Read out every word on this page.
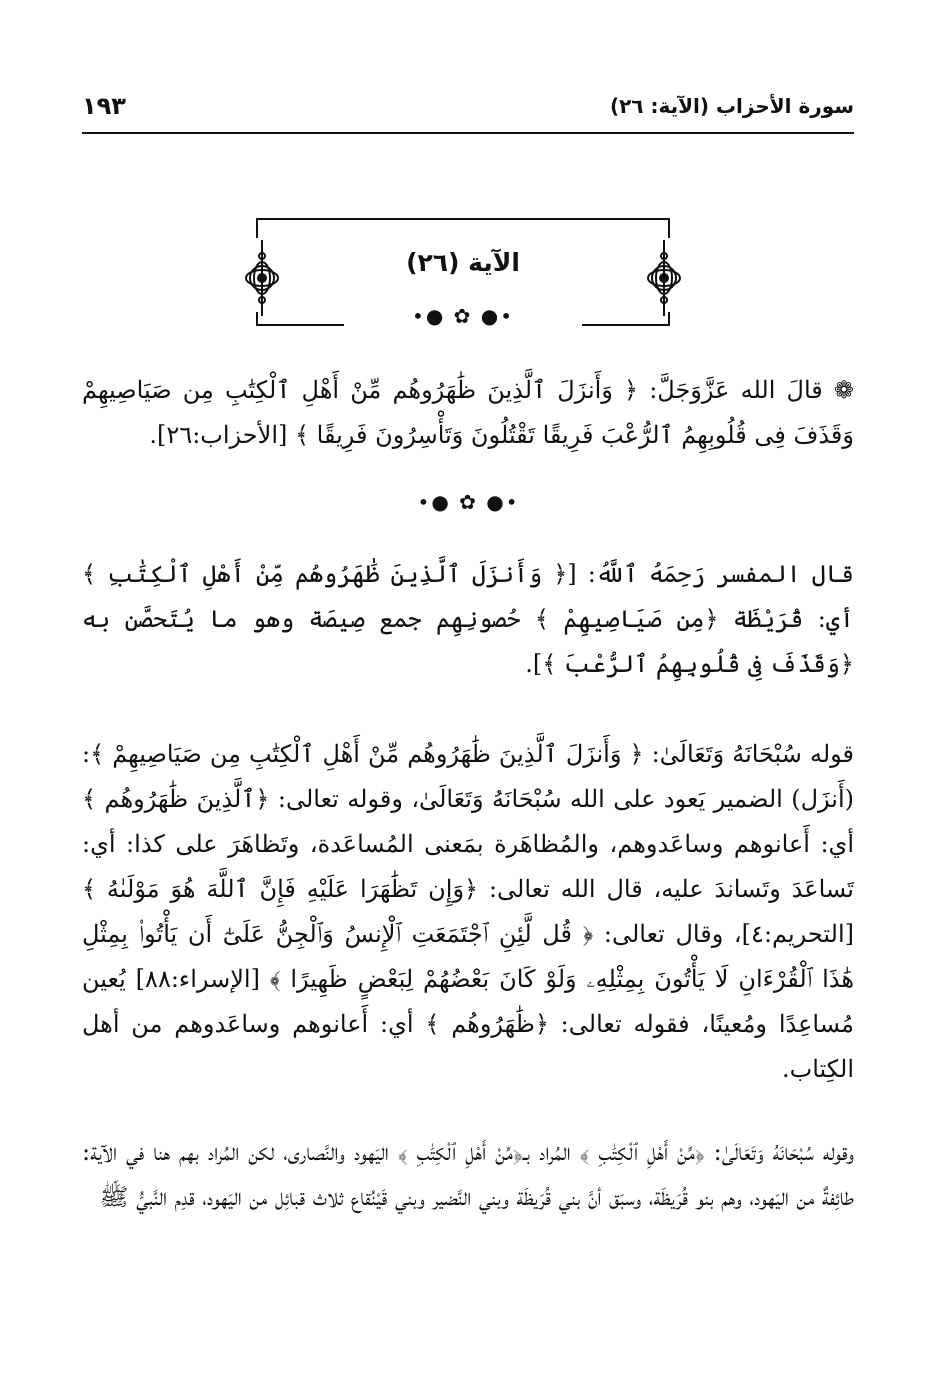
سورة الأحزاب (الآية: ٢٦)
١٩٣
الآية (٢٦)
•● ✿ ●•
❁ قالَ الله عَزَّوَجَلَّ: ﴿ وَأَنزَلَ ٱلَّذِينَ ظَٰهَرُوهُم مِّنْ أَهْلِ ٱلْكِتَٰبِ مِن صَيَاصِيهِمْ وَقَذَفَ فِى قُلُوبِهِمُ ٱلرُّعْبَ فَرِيقًا تَقْتُلُونَ وَتَأْسِرُونَ فَرِيقًا ﴾ [الأحزاب:٢٦].
•● ✿ ●•
قال المفسر رَحِمَهُ ٱللَّهُ: [﴿ وَأَنزَلَ ٱلَّذِينَ ظَٰهَرُوهُم مِّنْ أَهْلِ ٱلْكِتَٰبِ ﴾ أي: قُرَيْظَة ﴿مِن صَيَاصِيهِمْ ﴾ حُصونِهِم جمع صِيصَة وهو ما يُتَحصَّن به ﴿وَقَذَفَ فِى قُلُوبِهِمُ ٱلرُّعْبَ ﴾].
قوله سُبْحَانَهُ وَتَعَالَىٰ: ﴿ وَأَنزَلَ ٱلَّذِينَ ظَٰهَرُوهُم مِّنْ أَهْلِ ٱلْكِتَٰبِ مِن صَيَاصِيهِمْ ﴾: (أَنزَل) الضمير يَعود على الله سُبْحَانَهُ وَتَعَالَىٰ، وقوله تعالى: ﴿ٱلَّذِينَ ظَٰهَرُوهُم ﴾ أي: أَعانوهم وساعَدوهم، والمُظاهَرة بمَعنى المُساعَدة، وتَظاهَرَ على كذا: أي: تَساعَدَ وتَساندَ عليه، قال الله تعالى: ﴿وَإِن تَظَٰهَرَا عَلَيْهِ فَإِنَّ ٱللَّهَ هُوَ مَوْلَىٰهُ ﴾ [التحريم:٤]، وقال تعالى: ﴿ قُل لَّئِنِ ٱجْتَمَعَتِ ٱلْإِنسُ وَٱلْجِنُّ عَلَىٰٓ أَن يَأْتُوا۟ بِمِثْلِ هَٰذَا ٱلْقُرْءَانِ لَا يَأْتُونَ بِمِثْلِهِۦ وَلَوْ كَانَ بَعْضُهُمْ لِبَعْضٍ ظَهِيرًا ﴾ [الإسراء:٨٨] يُعين مُساعِدًا ومُعينًا، فقوله تعالى: ﴿ظَٰهَرُوهُم ﴾ أي: أَعانوهم وساعَدوهم من أهل الكِتاب.
وقوله سُبْحَانَهُ وَتَعَالَىٰ: ﴿مِّنْ أَهْلِ ٱلْكِتَٰبِ ﴾ المُراد بـ﴿مِّنْ أَهْلِ ٱلْكِتَٰبِ ﴾ اليَهود والنَّصارى، لكن المُراد بهم هنا في الآية: طائِفةٌ من اليَهود، وهم بنو قُرَيظَة، وسبَق أنَّ بني قُرَيظَة وبني النَّضير وبني قَيْنُقاع ثلاث قبائِل من اليَهود، قدِم النَّبيُّ ﷺ
